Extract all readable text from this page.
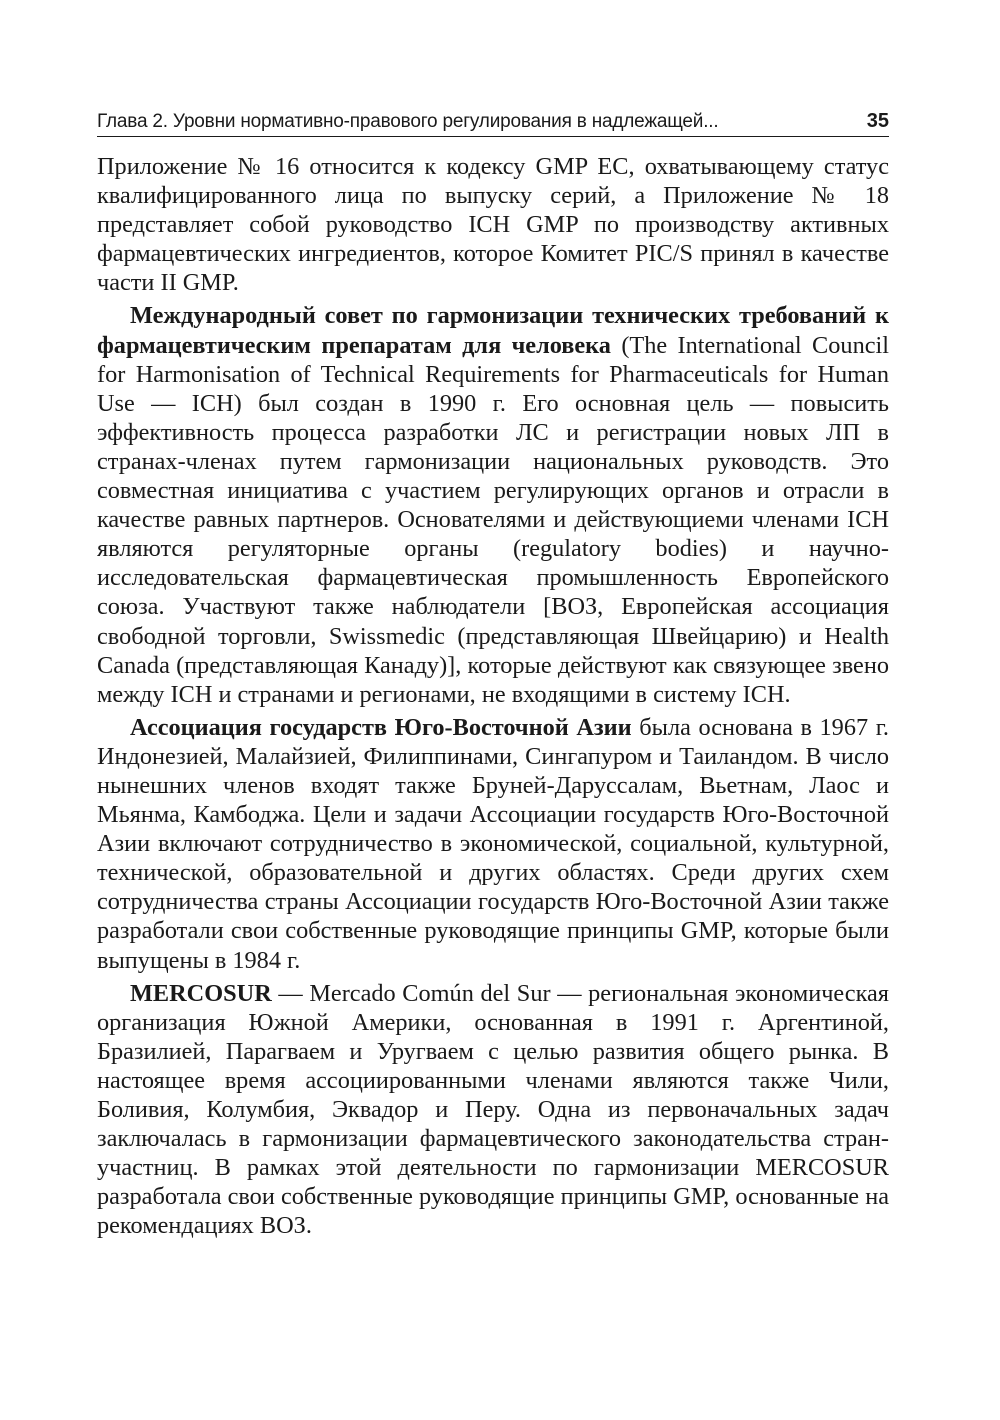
Глава 2. Уровни нормативно-правового регулирования в надлежащей...	35

Приложение № 16 относится к кодексу GMP ЕС, охватывающему статус квалифицированного лица по выпуску серий, а Приложение № 18 представляет собой руководство ICH GMP по производству активных фармацевтических ингредиентов, которое Комитет PIC/S принял в качестве части II GMP.

Международный совет по гармонизации технических требований к фармацевтическим препаратам для человека (The International Council for Harmonisation of Technical Requirements for Pharmaceuticals for Human Use — ICH) был создан в 1990 г. Его основная цель — повысить эффективность процесса разработки ЛС и регистрации новых ЛП в странах-членах путем гармонизации национальных руководств. Это совместная инициатива с участием регулирующих органов и отрасли в качестве равных партнеров. Основателями и действующиеми членами ICH являются регуляторные органы (regulatory bodies) и научно-исследовательская фармацевтическая промышленность Европейского союза. Участвуют также наблюдатели [ВОЗ, Европейская ассоциация свободной торговли, Swissmedic (представляющая Швейцарию) и Health Canada (представляющая Канаду)], которые действуют как связующее звено между ICH и странами и регионами, не входящими в систему ICH.

Ассоциация государств Юго-Восточной Азии была основана в 1967 г. Индонезией, Малайзией, Филиппинами, Сингапуром и Таиландом. В число нынешних членов входят также Бруней-Даруссалам, Вьетнам, Лаос и Мьянма, Камбоджа. Цели и задачи Ассоциации государств Юго-Восточной Азии включают сотрудничество в экономической, социальной, культурной, технической, образовательной и других областях. Среди других схем сотрудничества страны Ассоциации государств Юго-Восточной Азии также разработали свои собственные руководящие принципы GMP, которые были выпущены в 1984 г.

MERCOSUR — Mercado Común del Sur — региональная экономическая организация Южной Америки, основанная в 1991 г. Аргентиной, Бразилией, Парагваем и Уругваем с целью развития общего рынка. В настоящее время ассоциированными членами являются также Чили, Боливия, Колумбия, Эквадор и Перу. Одна из первоначальных задач заключалась в гармонизации фармацевтического законодательства стран-участниц. В рамках этой деятельности по гармонизации MERCOSUR разработала свои собственные руководящие принципы GMP, основанные на рекомендациях ВОЗ.
